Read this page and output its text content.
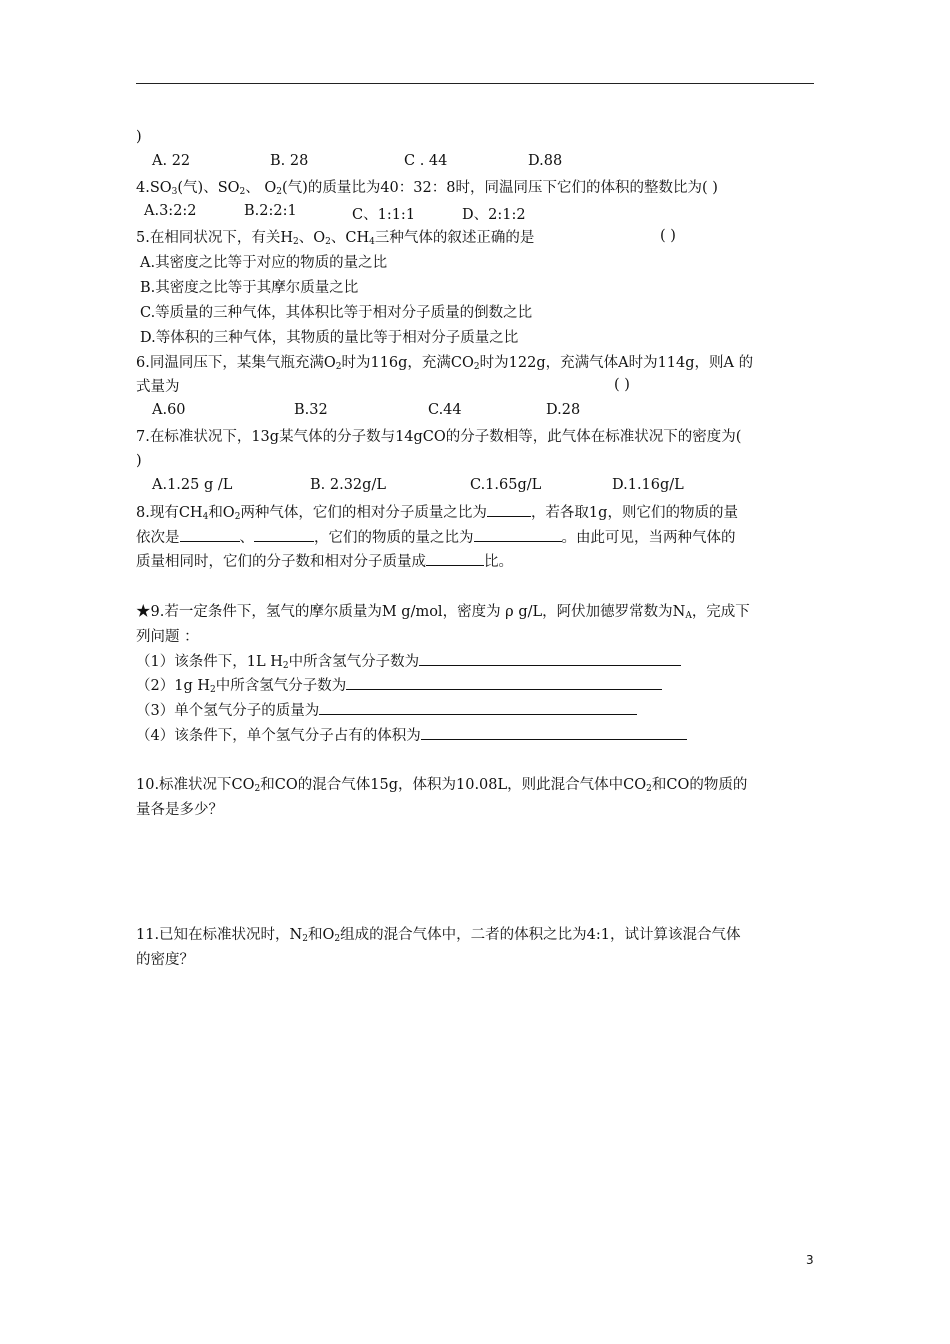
)
A. 22	B. 28	C . 44	D.88
$4.SO_3$(气)、$SO_2$、 $O_2$(气)的质量比为40：32：8时，同温同压下它们的体积的整数比为( )
A.3:2:2	B.2:2:1	C、1:1:1	D、2:1:2
5.在相同状况下，有关$H_2$、$O_2$、$CH_4$三种气体的叙述正确的是	( )
A.其密度之比等于对应的物质的量之比
B.其密度之比等于其摩尔质量之比
C.等质量的三种气体，其体积比等于相对分子质量的倒数之比
D.等体积的三种气体，其物质的量比等于相对分子质量之比
6.同温同压下，某集气瓶充满$O_2$时为116g，充满$CO_2$时为122g，充满气体A时为114g，则A 的
式量为	( )
A.60	B.32	C.44	D.28
7.在标准状况下，13g某气体的分子数与14gCO的分子数相等，此气体在标准状况下的密度为(
)
A.1.25 g /L	B. 2.32g/L	C.1.65g/L	D.1.16g/L
8.现有$CH_4$和$O_2$两种气体，它们的相对分子质量之比为	，若各取1g，则它们的物质的量
依次是	、	，它们的物质的量之比为	。由此可见，当两种气体的
质量相同时，它们的分子数和相对分子质量成	比。
★9.若一定条件下，氢气的摩尔质量为M g/mol，密度为 ρ g/L，阿伏加德罗常数为$N_A$，完成下
列问题 ：
（1）该条件下，1L $H_2$中所含氢气分子数为
（2）1g $H_2$中所含氢气分子数为
（3）单个氢气分子的质量为
（4）该条件下，单个氢气分子占有的体积为
10.标准状况下$CO_2$和CO的混合气体15g，体积为10.08L，则此混合气体中$CO_2$和CO的物质的
量各是多少？
11.已知在标准状况时，$N_2$和$O_2$组成的混合气体中，二者的体积之比为4:1，试计算该混合气体
的密度？
3
